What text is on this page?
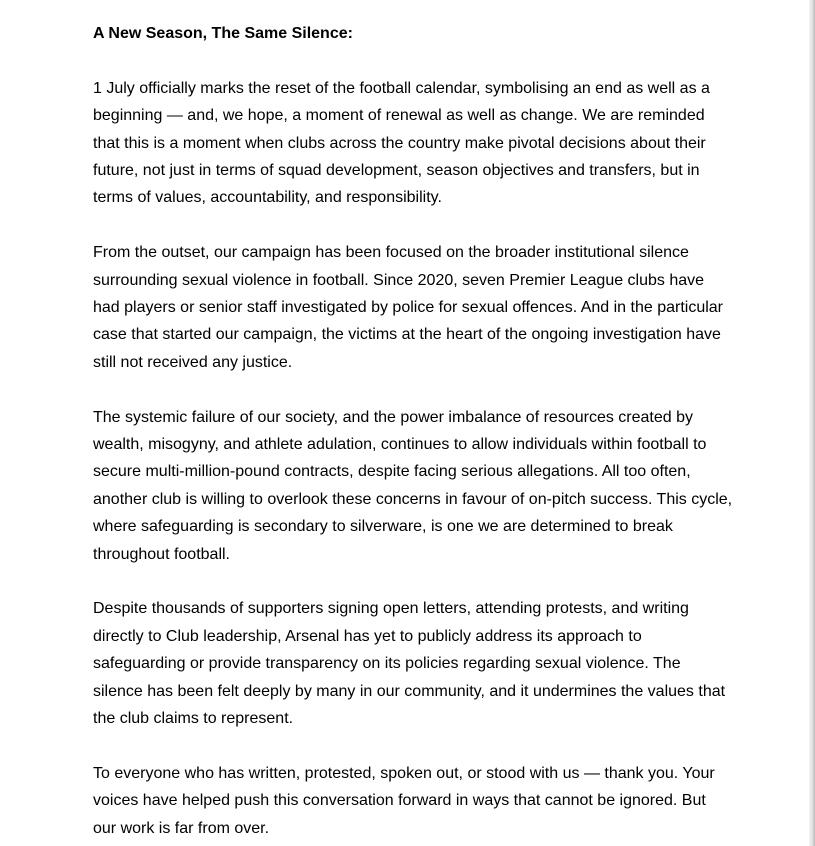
A New Season, The Same Silence:

1 July officially marks the reset of the football calendar, symbolising an end as well as a beginning — and, we hope, a moment of renewal as well as change. We are reminded that this is a moment when clubs across the country make pivotal decisions about their future, not just in terms of squad development, season objectives and transfers, but in terms of values, accountability, and responsibility.

From the outset, our campaign has been focused on the broader institutional silence surrounding sexual violence in football. Since 2020, seven Premier League clubs have had players or senior staff investigated by police for sexual offences. And in the particular case that started our campaign, the victims at the heart of the ongoing investigation have still not received any justice.

The systemic failure of our society, and the power imbalance of resources created by wealth, misogyny, and athlete adulation, continues to allow individuals within football to secure multi-million-pound contracts, despite facing serious allegations. All too often, another club is willing to overlook these concerns in favour of on-pitch success. This cycle, where safeguarding is secondary to silverware, is one we are determined to break throughout football.

Despite thousands of supporters signing open letters, attending protests, and writing directly to Club leadership, Arsenal has yet to publicly address its approach to safeguarding or provide transparency on its policies regarding sexual violence. The silence has been felt deeply by many in our community, and it undermines the values that the club claims to represent.

To everyone who has written, protested, spoken out, or stood with us — thank you. Your voices have helped push this conversation forward in ways that cannot be ignored. But our work is far from over.
